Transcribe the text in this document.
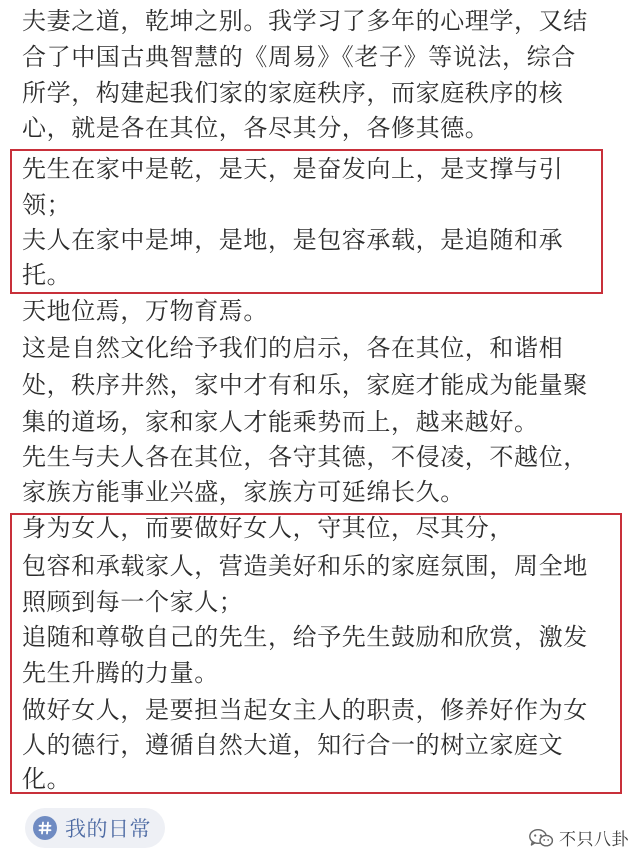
夫妻之道，乾坤之别。我学习了多年的心理学，又结
合了中国古典智慧的《周易》《老子》等说法，综合
所学，构建起我们家的家庭秩序，而家庭秩序的核
心，就是各在其位，各尽其分，各修其德。
先生在家中是乾，是天，是奋发向上，是支撑与引
领；
夫人在家中是坤，是地，是包容承载，是追随和承
托。
天地位焉，万物育焉。
这是自然文化给予我们的启示，各在其位，和谐相
处，秩序井然，家中才有和乐，家庭才能成为能量聚
集的道场，家和家人才能乘势而上，越来越好。
先生与夫人各在其位，各守其德，不侵凌，不越位，
家族方能事业兴盛，家族方可延绵长久。
身为女人，而要做好女人，守其位，尽其分，
包容和承载家人，营造美好和乐的家庭氛围，周全地
照顾到每一个家人；
追随和尊敬自己的先生，给予先生鼓励和欣赏，激发
先生升腾的力量。
做好女人，是要担当起女主人的职责，修养好作为女
人的德行，遵循自然大道，知行合一的树立家庭文
化。
我的日常	不只八卦
